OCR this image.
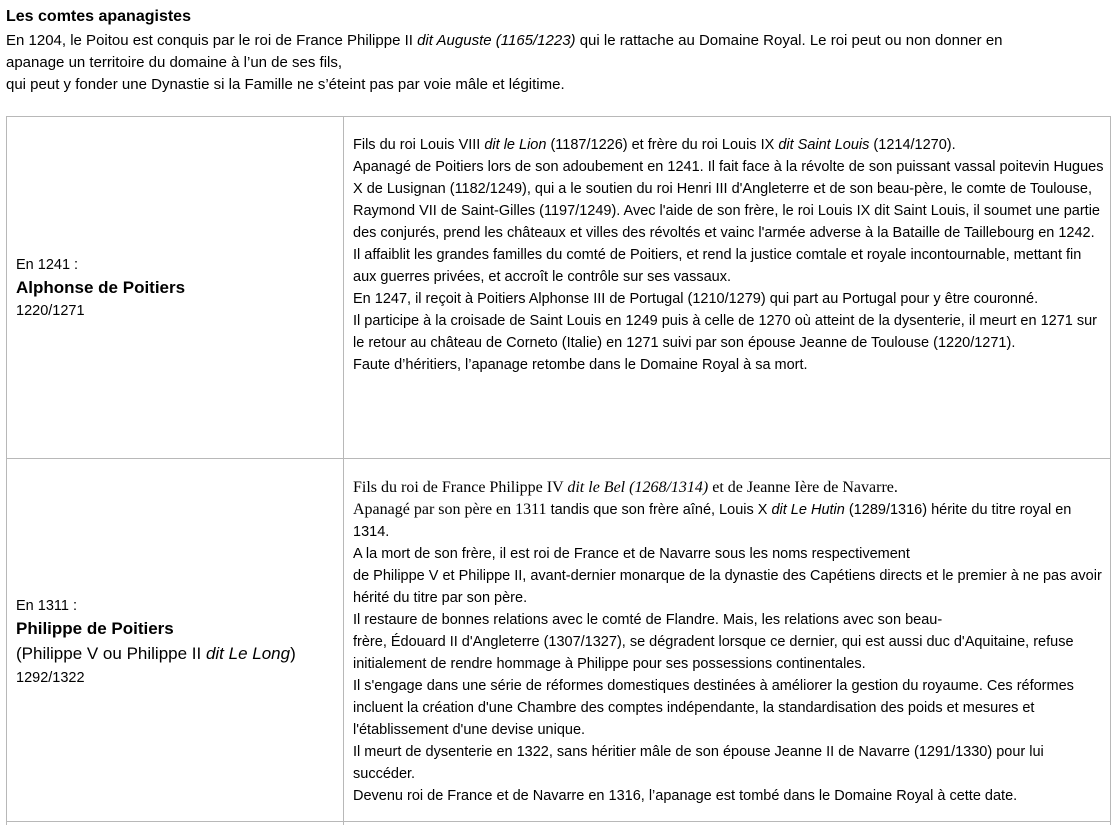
Les comtes apanagistes

En 1204, le Poitou est conquis par le roi de France Philippe II dit Auguste (1165/1223) qui le rattache au Domaine Royal. Le roi peut ou non donner en

apanage un territoire du domaine à l’un de ses fils,

qui peut y fonder une Dynastie si la Famille ne s’éteint pas par voie mâle et légitime.

En 1241 :
Alphonse de Poitiers
1220/1271

Fils du roi Louis VIII dit le Lion (1187/1226) et frère du roi Louis IX dit Saint Louis (1214/1270).

Apanagé de Poitiers lors de son adoubement en 1241. Il fait face à la révolte de son puissant vassal poitevin Hugues X de Lusignan (1182/1249), qui a le soutien du roi Henri III d'Angleterre et de son beau-père, le comte de Toulouse, Raymond VII de Saint-Gilles (1197/1249). Avec l'aide de son frère, le roi Louis IX dit Saint Louis, il soumet une partie des conjurés, prend les châteaux et villes des révoltés et vainc l'armée adverse à la Bataille de Taillebourg en 1242. Il affaiblit les grandes familles du comté de Poitiers, et rend la justice comtale et royale incontournable, mettant fin aux guerres privées, et accroît le contrôle sur ses vassaux.

En 1247, il reçoit à Poitiers Alphonse III de Portugal (1210/1279) qui part au Portugal pour y être couronné.

Il participe à la croisade de Saint Louis en 1249 puis à celle de 1270 où atteint de la dysenterie, il meurt en 1271 sur le retour au château de Corneto (Italie) en 1271 suivi par son épouse Jeanne de Toulouse (1220/1271).

Faute d’héritiers, l’apanage retombe dans le Domaine Royal à sa mort.

En 1311 :
Philippe de Poitiers
(Philippe V ou Philippe II dit Le Long)
1292/1322

Fils du roi de France Philippe IV dit le Bel (1268/1314) et de Jeanne Ière de Navarre.

Apanagé par son père en 1311 tandis que son frère aîné, Louis X dit Le Hutin (1289/1316) hérite du titre royal en 1314.

A la mort de son frère, il est roi de France et de Navarre sous les noms respectivement
de Philippe V et Philippe II, avant-dernier monarque de la dynastie des Capétiens directs et le premier à ne pas avoir hérité du titre par son père.

Il restaure de bonnes relations avec le comté de Flandre. Mais, les relations avec son beau-
frère, Édouard II d'Angleterre (1307/1327), se dégradent lorsque ce dernier, qui est aussi duc d'Aquitaine, refuse initialement de rendre hommage à Philippe pour ses possessions continentales.

Il s'engage dans une série de réformes domestiques destinées à améliorer la gestion du royaume. Ces réformes incluent la création d'une Chambre des comptes indépendante, la standardisation des poids et mesures et l'établissement d'une devise unique.

Il meurt de dysenterie en 1322, sans héritier mâle de son épouse Jeanne II de Navarre (1291/1330) pour lui succéder.

Devenu roi de France et de Navarre en 1316, l’apanage est tombé dans le Domaine Royal à cette date.
